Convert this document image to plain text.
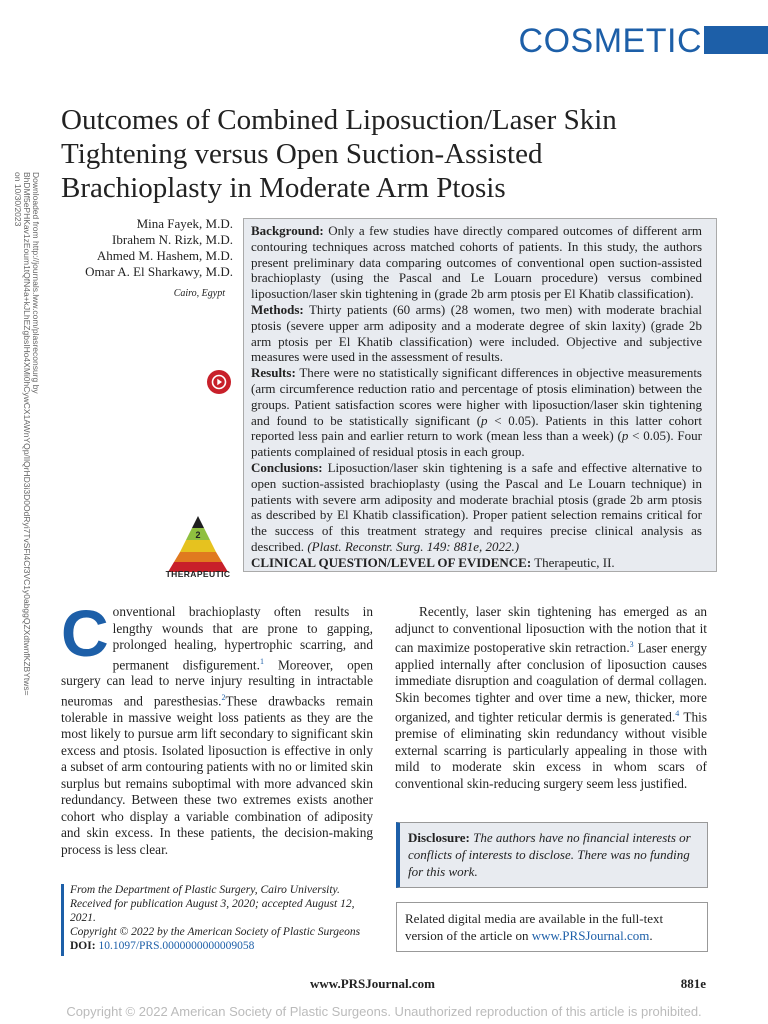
COSMETIC
Outcomes of Combined Liposuction/Laser Skin Tightening versus Open Suction-Assisted Brachioplasty in Moderate Arm Ptosis
Downloaded from http://journals.lww.com/plasreconsurg by BhDMf5ePHKav1zEoum1tQfN4a+kJLhEZgbsIHo4XMi0hCywCX1AWnYQp/IlQrHD3i3D0OdRyi7TvSFl4Cf3VC1y0abggQZXdtwnfKZBYtws= on 10/30/2023	Mina Fayek, M.D.
Ibrahem N. Rizk, M.D.
Ahmed M. Hashem, M.D.
Omar A. El Sharkawy, M.D.
Cairo, Egypt
2
THERAPEUTIC
Background: Only a few studies have directly compared outcomes of different arm contouring techniques across matched cohorts of patients. In this study, the authors present preliminary data comparing outcomes of conventional open suction-assisted brachioplasty (using the Pascal and Le Louarn procedure) versus combined liposuction/laser skin tightening in (grade 2b arm ptosis per El Khatib classification).
Methods: Thirty patients (60 arms) (28 women, two men) with moderate brachial ptosis (severe upper arm adiposity and a moderate degree of skin laxity) (grade 2b arm ptosis per El Khatib classification) were included. Objective and subjective measures were used in the assessment of results.
Results: There were no statistically significant differences in objective measurements (arm circumference reduction ratio and percentage of ptosis elimination) between the groups. Patient satisfaction scores were higher with liposuction/laser skin tightening and found to be statistically significant (p < 0.05). Patients in this latter cohort reported less pain and earlier return to work (mean less than a week) (p < 0.05). Four patients complained of residual ptosis in each group.
Conclusions: Liposuction/laser skin tightening is a safe and effective alternative to open suction-assisted brachioplasty (using the Pascal and Le Louarn technique) in patients with severe arm adiposity and moderate brachial ptosis (grade 2b arm ptosis as described by El Khatib classification). Proper patient selection remains critical for the success of this treatment strategy and requires precise clinical analysis as described. (Plast. Reconstr. Surg. 149: 881e, 2022.)
CLINICAL QUESTION/LEVEL OF EVIDENCE: Therapeutic, II.
Conventional brachioplasty often results in lengthy wounds that are prone to gapping, prolonged healing, hypertrophic scarring, and permanent disfigurement.$^1$ Moreover, open surgery can lead to nerve injury resulting in intractable neuromas and paresthesias.$^2$These drawbacks remain tolerable in massive weight loss patients as they are the most likely to pursue arm lift secondary to significant skin excess and ptosis. Isolated liposuction is effective in only a subset of arm contouring patients with no or limited skin surplus but remains suboptimal with more advanced skin redundancy. Between these two extremes exists another cohort who display a variable combination of adiposity and skin excess. In these patients, the decision-making process is less clear.
Recently, laser skin tightening has emerged as an adjunct to conventional liposuction with the notion that it can maximize postoperative skin retraction.$^3$ Laser energy applied internally after conclusion of liposuction causes immediate disruption and coagulation of dermal collagen. Skin becomes tighter and over time a new, thicker, more organized, and tighter reticular dermis is generated.$^4$ This premise of eliminating skin redundancy without visible external scarring is particularly appealing in those with mild to moderate skin excess in whom scars of conventional skin-reducing surgery seem less justified.
From the Department of Plastic Surgery, Cairo University.
Received for publication August 3, 2020; accepted August 12, 2021.
Copyright © 2022 by the American Society of Plastic Surgeons
DOI: 10.1097/PRS.0000000000009058
Disclosure: The authors have no financial interests or conflicts of interests to disclose. There was no funding for this work.
Related digital media are available in the full-text version of the article on www.PRSJournal.com.
www.PRSJournal.com	881e
Copyright © 2022 American Society of Plastic Surgeons. Unauthorized reproduction of this article is prohibited.
